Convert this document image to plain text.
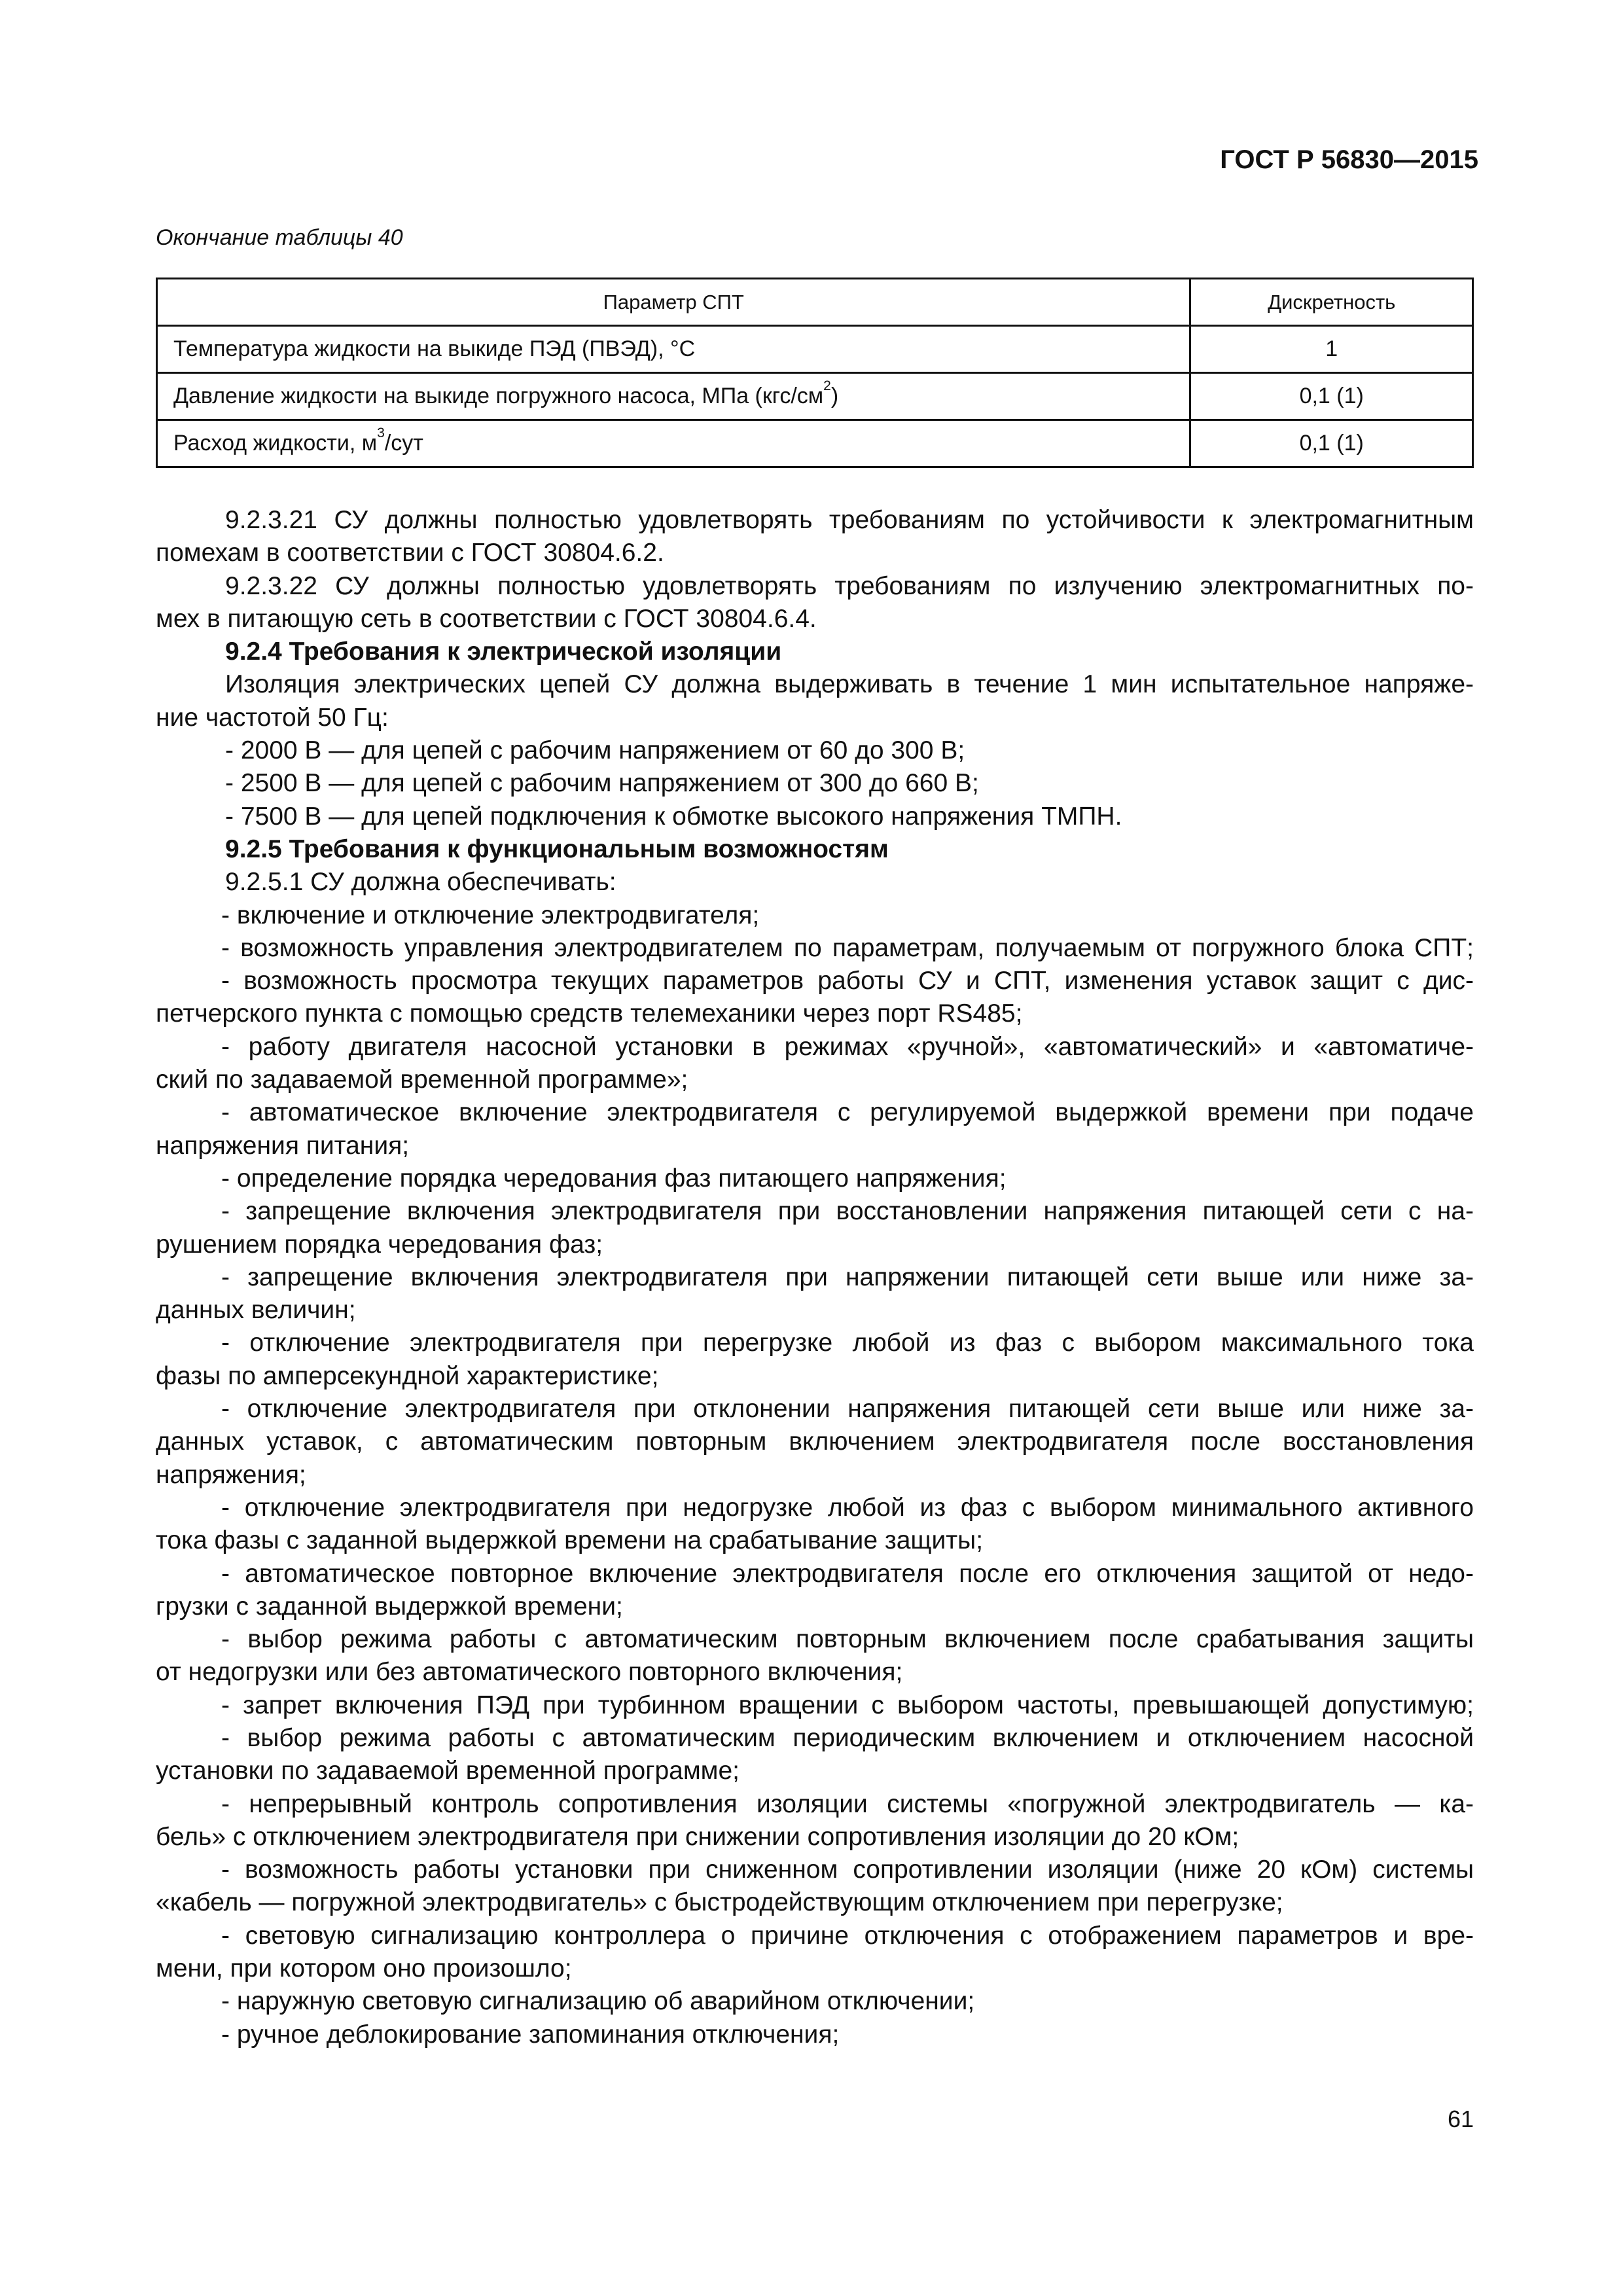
ГОСТ Р 56830—2015
Окончание таблицы 40
Параметр СПТ	Дискретность
Температура жидкости на выкиде ПЭД (ПВЭД), °С	1
Давление жидкости на выкиде погружного насоса, МПа $(кгс/см^2)$	0,1 (1)
Расход жидкости, $м^3$/сут	0,1 (1)
9.2.3.21 СУ должны полностью удовлетворять требованиям по устойчивости к электромагнитным
помехам в соответствии с ГОСТ 30804.6.2.
9.2.3.22 СУ должны полностью удовлетворять требованиям по излучению электромагнитных по-
мех в питающую сеть в соответствии с ГОСТ 30804.6.4.
9.2.4 Требования к электрической изоляции
Изоляция электрических цепей СУ должна выдерживать в течение 1 мин испытательное напряже-
ние частотой 50 Гц:
- 2000 В — для цепей с рабочим напряжением от 60 до 300 В;
- 2500 В — для цепей с рабочим напряжением от 300 до 660 В;
- 7500 В — для цепей подключения к обмотке высокого напряжения ТМПН.
9.2.5 Требования к функциональным возможностям
9.2.5.1 СУ должна обеспечивать:
- включение и отключение электродвигателя;
- возможность управления электродвигателем по параметрам, получаемым от погружного блока СПТ;
- возможность просмотра текущих параметров работы СУ и СПТ, изменения уставок защит с дис-
петчерского пункта с помощью средств телемеханики через порт RS485;
- работу двигателя насосной установки в режимах «ручной», «автоматический» и «автоматиче-
ский по задаваемой временной программе»;
- автоматическое включение электродвигателя с регулируемой выдержкой времени при подаче
напряжения питания;
- определение порядка чередования фаз питающего напряжения;
- запрещение включения электродвигателя при восстановлении напряжения питающей сети с на-
рушением порядка чередования фаз;
- запрещение включения электродвигателя при напряжении питающей сети выше или ниже за-
данных величин;
- отключение электродвигателя при перегрузке любой из фаз с выбором максимального тока
фазы по амперсекундной характеристике;
- отключение электродвигателя при отклонении напряжения питающей сети выше или ниже за-
данных уставок, с автоматическим повторным включением электродвигателя после восстановления
напряжения;
- отключение электродвигателя при недогрузке любой из фаз с выбором минимального активного
тока фазы с заданной выдержкой времени на срабатывание защиты;
- автоматическое повторное включение электродвигателя после его отключения защитой от недо-
грузки с заданной выдержкой времени;
- выбор режима работы с автоматическим повторным включением после срабатывания защиты
от недогрузки или без автоматического повторного включения;
- запрет включения ПЭД при турбинном вращении с выбором частоты, превышающей допустимую;
- выбор режима работы с автоматическим периодическим включением и отключением насосной
установки по задаваемой временной программе;
- непрерывный контроль сопротивления изоляции системы «погружной электродвигатель — ка-
бель» с отключением электродвигателя при снижении сопротивления изоляции до 20 кОм;
- возможность работы установки при сниженном сопротивлении изоляции (ниже 20 кОм) системы
«кабель — погружной электродвигатель» с быстродействующим отключением при перегрузке;
- световую сигнализацию контроллера о причине отключения с отображением параметров и вре-
мени, при котором оно произошло;
- наружную световую сигнализацию об аварийном отключении;
- ручное деблокирование запоминания отключения;
61
